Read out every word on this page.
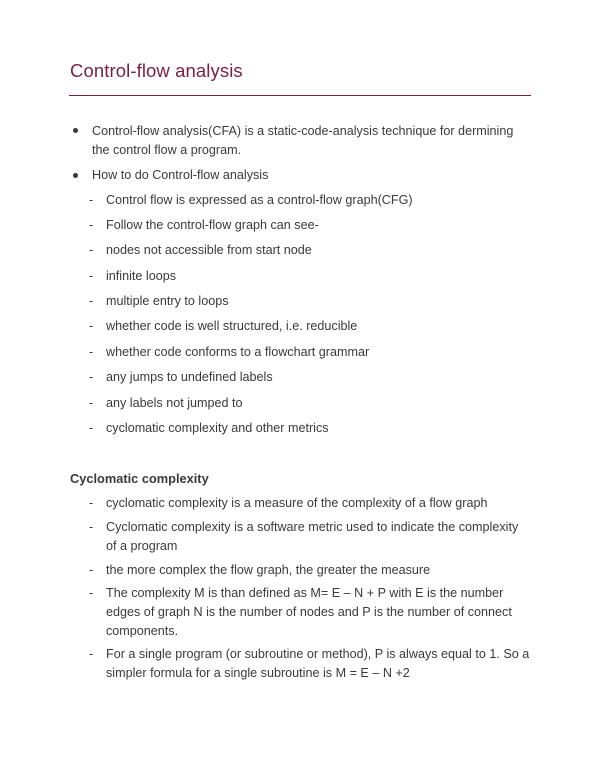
Control-flow analysis
Control-flow analysis(CFA) is a static-code-analysis technique for dermining the control flow a program.
How to do Control-flow analysis
- Control flow is expressed as a control-flow graph(CFG)
- Follow the control-flow graph can see-
- nodes not accessible from start node
- infinite loops
- multiple entry to loops
- whether code is well structured, i.e. reducible
- whether code conforms to a flowchart grammar
- any jumps to undefined labels
- any labels not jumped to
- cyclomatic complexity and other metrics
Cyclomatic complexity
- cyclomatic complexity is a measure of the complexity of a flow graph
- Cyclomatic complexity is a software metric used to indicate the complexity of a program
- the more complex the flow graph, the greater the measure
- The complexity M is than defined as M= E – N + P with E is the number edges of graph N is the number of nodes and P is the number of connect components.
- For a single program (or subroutine or method), P is always equal to 1. So a simpler formula for a single subroutine is M = E – N +2
